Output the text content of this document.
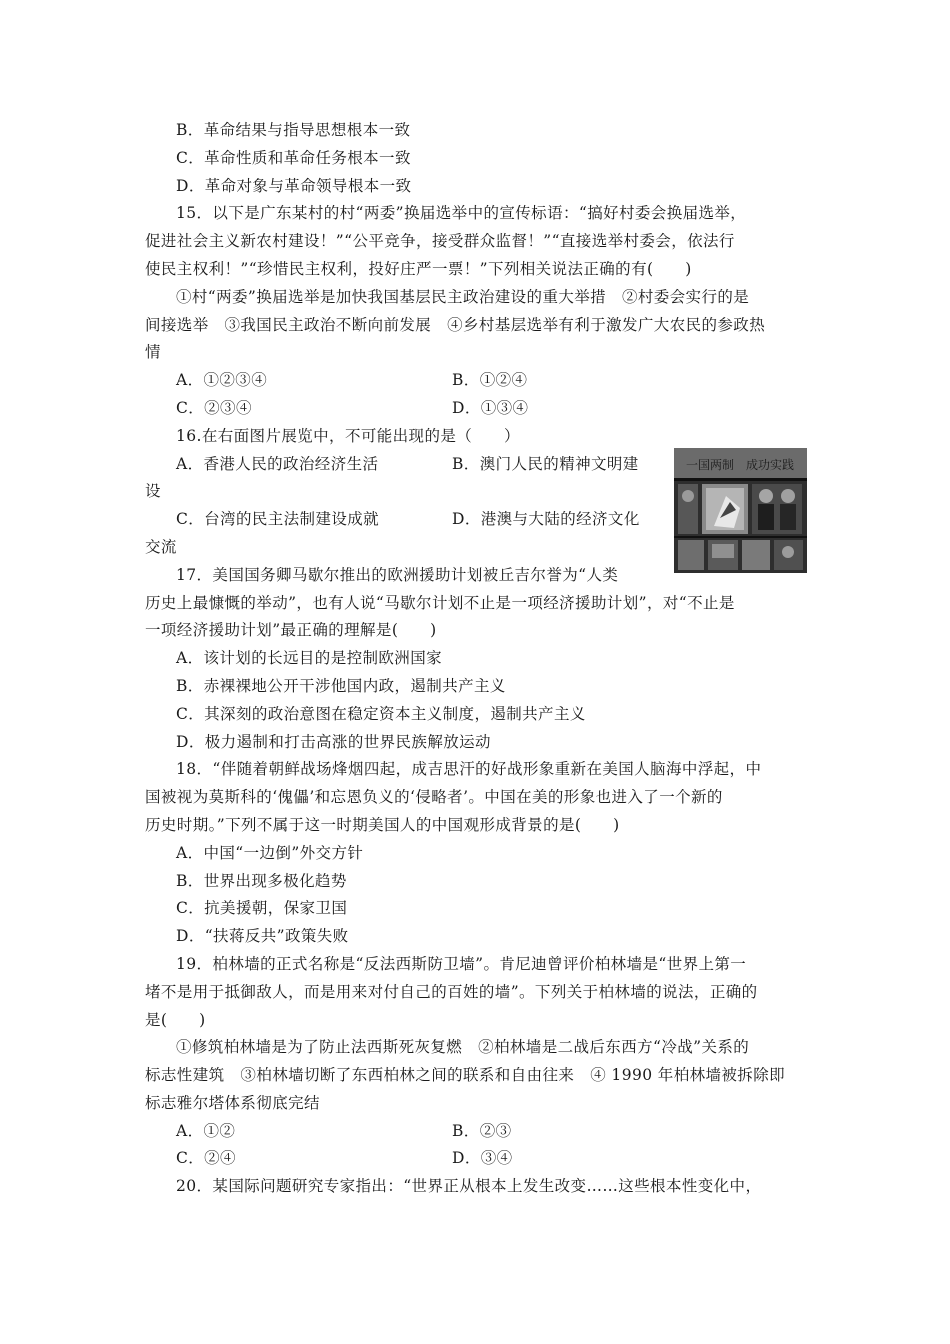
B．革命结果与指导思想根本一致
C．革命性质和革命任务根本一致
D．革命对象与革命领导根本一致
15．以下是广东某村的村“两委”换届选举中的宣传标语：“搞好村委会换届选举，
促进社会主义新农村建设！”“公平竞争，接受群众监督！”“直接选举村委会，依法行
使民主权利！”“珍惜民主权利，投好庄严一票！”下列相关说法正确的有(　　)
①村“两委”换届选举是加快我国基层民主政治建设的重大举措　②村委会实行的是
间接选举　③我国民主政治不断向前发展　④乡村基层选举有利于激发广大农民的参政热
情
A．①②③④	B．①②④
C．②③④	D．①③④
16.在右面图片展览中，不可能出现的是（　　）
A．香港人民的政治经济生活	B．澳门人民的精神文明建
设
C．台湾的民主法制建设成就	D．港澳与大陆的经济文化
交流
17．美国国务卿马歇尔推出的欧洲援助计划被丘吉尔誉为“人类
历史上最慷慨的举动”，也有人说“马歇尔计划不止是一项经济援助计划”，对“不止是
一项经济援助计划”最正确的理解是(　　)
A．该计划的长远目的是控制欧洲国家
B．赤裸裸地公开干涉他国内政，遏制共产主义
C．其深刻的政治意图在稳定资本主义制度，遏制共产主义
D．极力遏制和打击高涨的世界民族解放运动
18．“伴随着朝鲜战场烽烟四起，成吉思汗的好战形象重新在美国人脑海中浮起，中
国被视为莫斯科的‘傀儡’和忘恩负义的‘侵略者’。中国在美的形象也进入了一个新的
历史时期。”下列不属于这一时期美国人的中国观形成背景的是(　　)
A．中国“一边倒”外交方针
B．世界出现多极化趋势
C．抗美援朝，保家卫国
D．“扶蒋反共”政策失败
19．柏林墙的正式名称是“反法西斯防卫墙”。肯尼迪曾评价柏林墙是“世界上第一
堵不是用于抵御敌人，而是用来对付自己的百姓的墙”。下列关于柏林墙的说法，正确的
是(　　)
①修筑柏林墙是为了防止法西斯死灰复燃　②柏林墙是二战后东西方“冷战”关系的
标志性建筑　③柏林墙切断了东西柏林之间的联系和自由往来　④ 1990 年柏林墙被拆除即
标志雅尔塔体系彻底完结
A．①②	B．②③
C．②④	D．③④
20．某国际问题研究专家指出：“世界正从根本上发生改变……这些根本性变化中，
一国两制　成功实践
